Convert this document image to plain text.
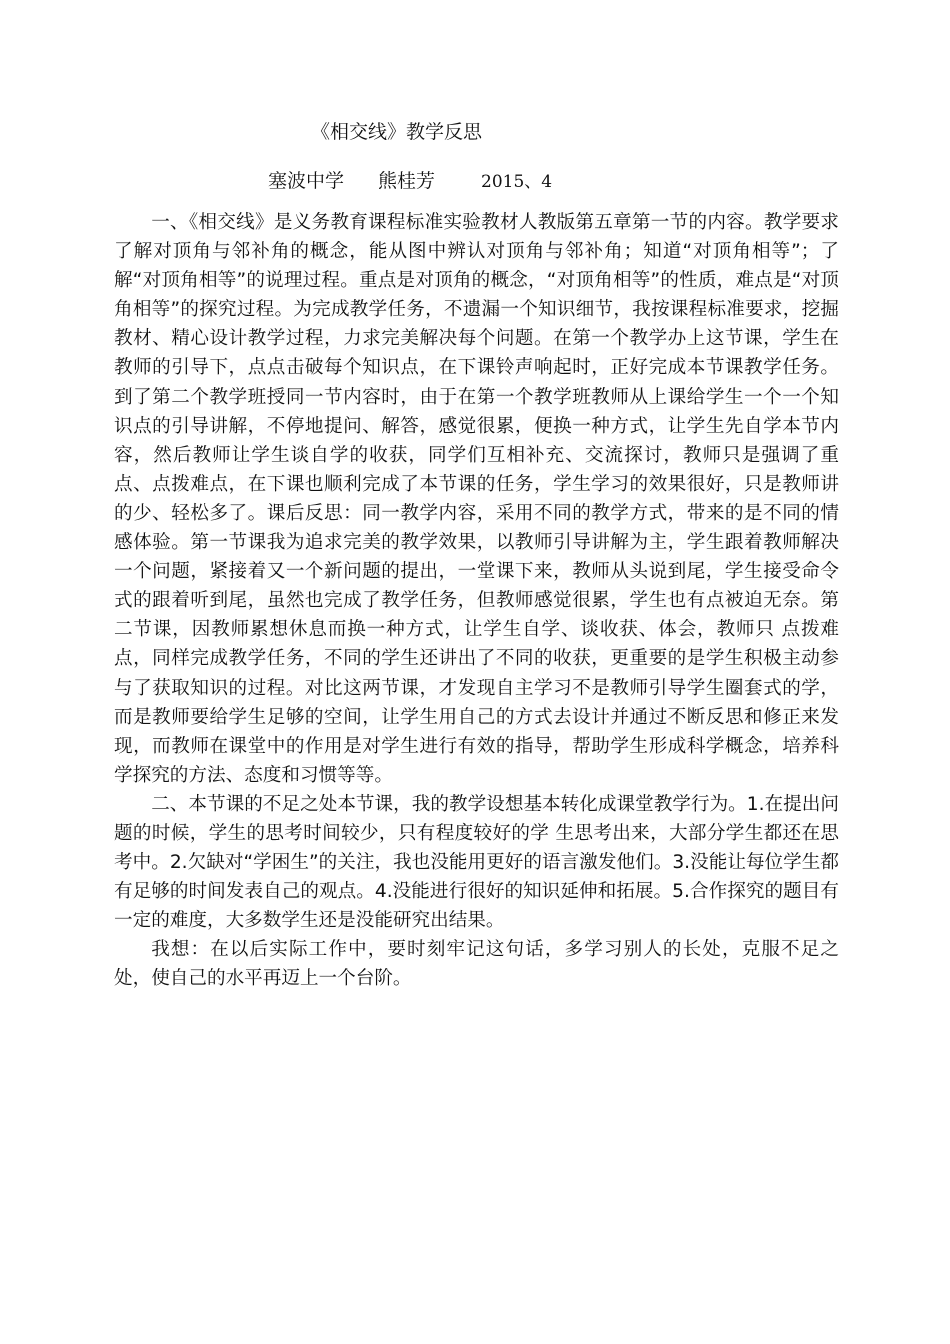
《相交线》教学反思
塞波中学 熊桂芳	2015、4

一、《相交线》是义务教育课程标准实验教材人教版第五章第一节的内容。教学要求了解对顶角与邻补角的概念，能从图中辨认对顶角与邻补角；知道“对顶角相等”；了解“对顶角相等”的说理过程。重点是对顶角的概念，“对顶角相等”的性质，难点是“对顶角相等”的探究过程。为完成教学任务，不遗漏一个知识细节，我按课程标准要求，挖掘教材、精心设计教学过程，力求完美解决每个问题。在第一个教学办上这节课，学生在教师的引导下，点点击破每个知识点，在下课铃声响起时，正好完成本节课教学任务。到了第二个教学班授同一节内容时，由于在第一个教学班教师从上课给学生一个一个知识点的引导讲解，不停地提问、解答，感觉很累，便换一种方式，让学生先自学本节内容，然后教师让学生谈自学的收获，同学们互相补充、交流探讨，教师只是强调了重点、点拨难点，在下课也顺利完成了本节课的任务，学生学习的效果很好，只是教师讲的少、轻松多了。课后反思：同一教学内容，采用不同的教学方式，带来的是不同的情感体验。第一节课我为追求完美的教学效果，以教师引导讲解为主，学生跟着教师解决一个问题，紧接着又一个新问题的提出，一堂课下来，教师从头说到尾，学生接受命令式的跟着听到尾，虽然也完成了教学任务，但教师感觉很累，学生也有点被迫无奈。第二节课，因教师累想休息而换一种方式，让学生自学、谈收获、体会，教师只 点拨难点，同样完成教学任务，不同的学生还讲出了不同的收获，更重要的是学生积极主动参与了获取知识的过程。对比这两节课，才发现自主学习不是教师引导学生圈套式的学，而是教师要给学生足够的空间，让学生用自己的方式去设计并通过不断反思和修正来发现，而教师在课堂中的作用是对学生进行有效的指导，帮助学生形成科学概念，培养科学探究的方法、态度和习惯等等。

二、本节课的不足之处本节课，我的教学设想基本转化成课堂教学行为。1.在提出问题的时候，学生的思考时间较少，只有程度较好的学 生思考出来，大部分学生都还在思考中。2.欠缺对“学困生”的关注，我也没能用更好的语言激发他们。3.没能让每位学生都有足够的时间发表自己的观点。4.没能进行很好的知识延伸和拓展。5.合作探究的题目有一定的难度，大多数学生还是没能研究出结果。

我想：在以后实际工作中，要时刻牢记这句话，多学习别人的长处，克服不足之处，使自己的水平再迈上一个台阶。
